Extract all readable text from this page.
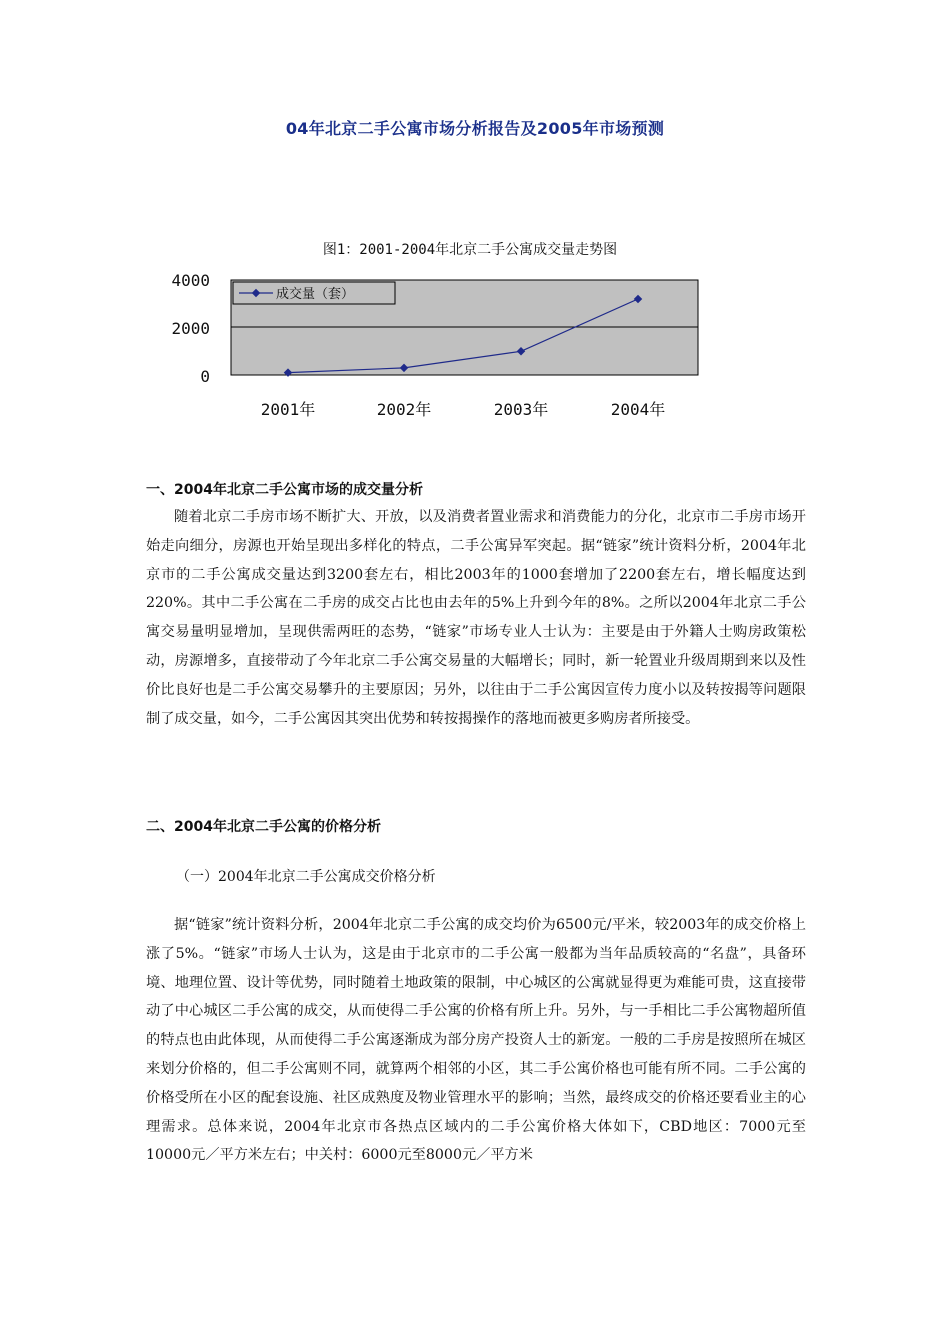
04年北京二手公寓市场分析报告及2005年市场预测
图1：2001-2004年北京二手公寓成交量走势图
4000
2000
0
2001年	2002年	2003年	2004年
成交量（套）
一、2004年北京二手公寓市场的成交量分析

随着北京二手房市场不断扩大、开放，以及消费者置业需求和消费能力的分化，北京市二手房市场开始走向细分，房源也开始呈现出多样化的特点，二手公寓异军突起。据“链家”统计资料分析，2004年北京市的二手公寓成交量达到3200套左右，相比2003年的1000套增加了2200套左右，增长幅度达到220%。其中二手公寓在二手房的成交占比也由去年的5%上升到今年的8%。之所以2004年北京二手公寓交易量明显增加，呈现供需两旺的态势，“链家”市场专业人士认为：主要是由于外籍人士购房政策松动，房源增多，直接带动了今年北京二手公寓交易量的大幅增长；同时，新一轮置业升级周期到来以及性价比良好也是二手公寓交易攀升的主要原因；另外，以往由于二手公寓因宣传力度小以及转按揭等问题限制了成交量，如今，二手公寓因其突出优势和转按揭操作的落地而被更多购房者所接受。

二、2004年北京二手公寓的价格分析
（一）2004年北京二手公寓成交价格分析

据“链家”统计资料分析，2004年北京二手公寓的成交均价为6500元/平米，较2003年的成交价格上涨了5%。“链家”市场人士认为，这是由于北京市的二手公寓一般都为当年品质较高的“名盘”，具备环境、地理位置、设计等优势，同时随着土地政策的限制，中心城区的公寓就显得更为难能可贵，这直接带动了中心城区二手公寓的成交，从而使得二手公寓的价格有所上升。另外，与一手相比二手公寓物超所值的特点也由此体现，从而使得二手公寓逐渐成为部分房产投资人士的新宠。一般的二手房是按照所在城区来划分价格的，但二手公寓则不同，就算两个相邻的小区，其二手公寓价格也可能有所不同。二手公寓的价格受所在小区的配套设施、社区成熟度及物业管理水平的影响；当然，最终成交的价格还要看业主的心理需求。总体来说，2004年北京市各热点区域内的二手公寓价格大体如下，CBD地区：7000元至10000元／平方米左右；中关村：6000元至8000元／平方米
